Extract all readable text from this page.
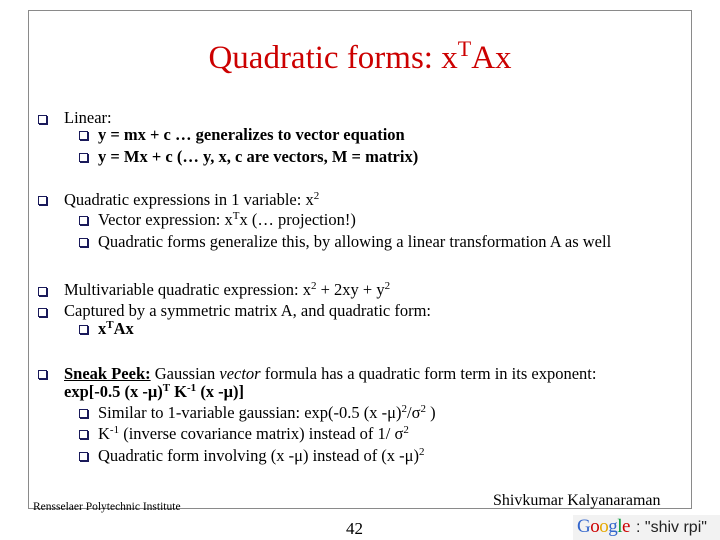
Quadratic forms: $x^TAx$
Linear:
y = mx + c … generalizes to vector equation
y = Mx + c (… y, x, c are vectors, M = matrix)
Quadratic expressions in 1 variable: $x^2$
Vector expression: $x^Tx$ (… projection!)
Quadratic forms generalize this, by allowing a linear transformation A as well
Multivariable quadratic expression: $x^2 + 2xy + y^2$
Captured by a symmetric matrix A, and quadratic form:
$x^TAx$
Sneak Peek: Gaussian vector formula has a quadratic form term in its exponent:
exp[-0.5 (x -μ)$^T$ $K^{-1}$ (x -μ)]
Similar to 1-variable gaussian: exp(-0.5 (x $-\mu)^2/\sigma^2$ )
$K^{-1}$ (inverse covariance matrix) instead of 1/ $\sigma^2$
Quadratic form involving (x -μ) instead of (x -μ)$^2$
Rensselaer Polytechnic Institute	Shivkumar Kalyanaraman
42	Google : "shiv rpi"
